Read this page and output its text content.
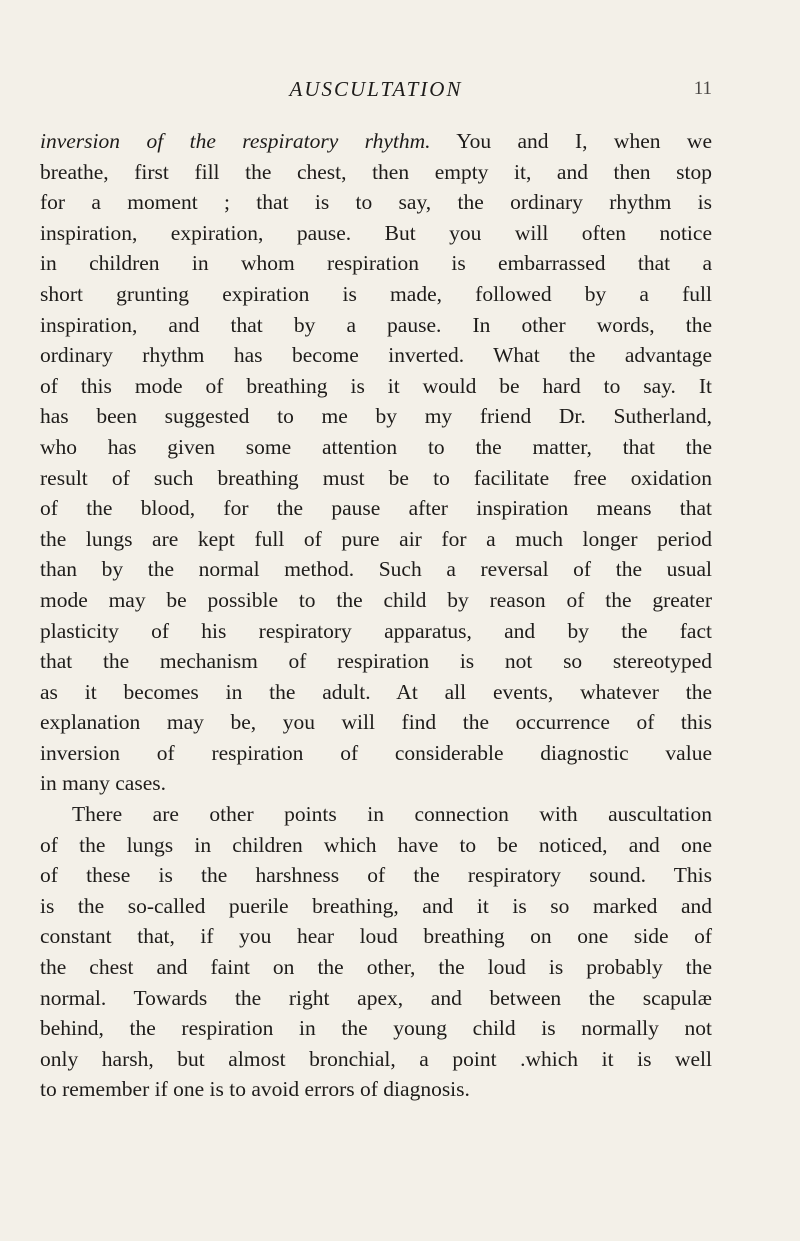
AUSCULTATION	11
inversion of the respiratory rhythm. You and I, when we
breathe, first fill the chest, then empty it, and then stop
for a moment ; that is to say, the ordinary rhythm is
inspiration, expiration, pause. But you will often notice
in children in whom respiration is embarrassed that a
short grunting expiration is made, followed by a full
inspiration, and that by a pause. In other words, the
ordinary rhythm has become inverted. What the advantage
of this mode of breathing is it would be hard to say. It
has been suggested to me by my friend Dr. Sutherland,
who has given some attention to the matter, that the
result of such breathing must be to facilitate free oxidation
of the blood, for the pause after inspiration means that
the lungs are kept full of pure air for a much longer period
than by the normal method. Such a reversal of the usual
mode may be possible to the child by reason of the greater
plasticity of his respiratory apparatus, and by the fact
that the mechanism of respiration is not so stereotyped
as it becomes in the adult. At all events, whatever the
explanation may be, you will find the occurrence of this
inversion of respiration of considerable diagnostic value
in many cases.
There are other points in connection with auscultation
of the lungs in children which have to be noticed, and one
of these is the harshness of the respiratory sound. This
is the so-called puerile breathing, and it is so marked and
constant that, if you hear loud breathing on one side of
the chest and faint on the other, the loud is probably the
normal. Towards the right apex, and between the scapulæ
behind, the respiration in the young child is normally not
only harsh, but almost bronchial, a point .which it is well
to remember if one is to avoid errors of diagnosis.
